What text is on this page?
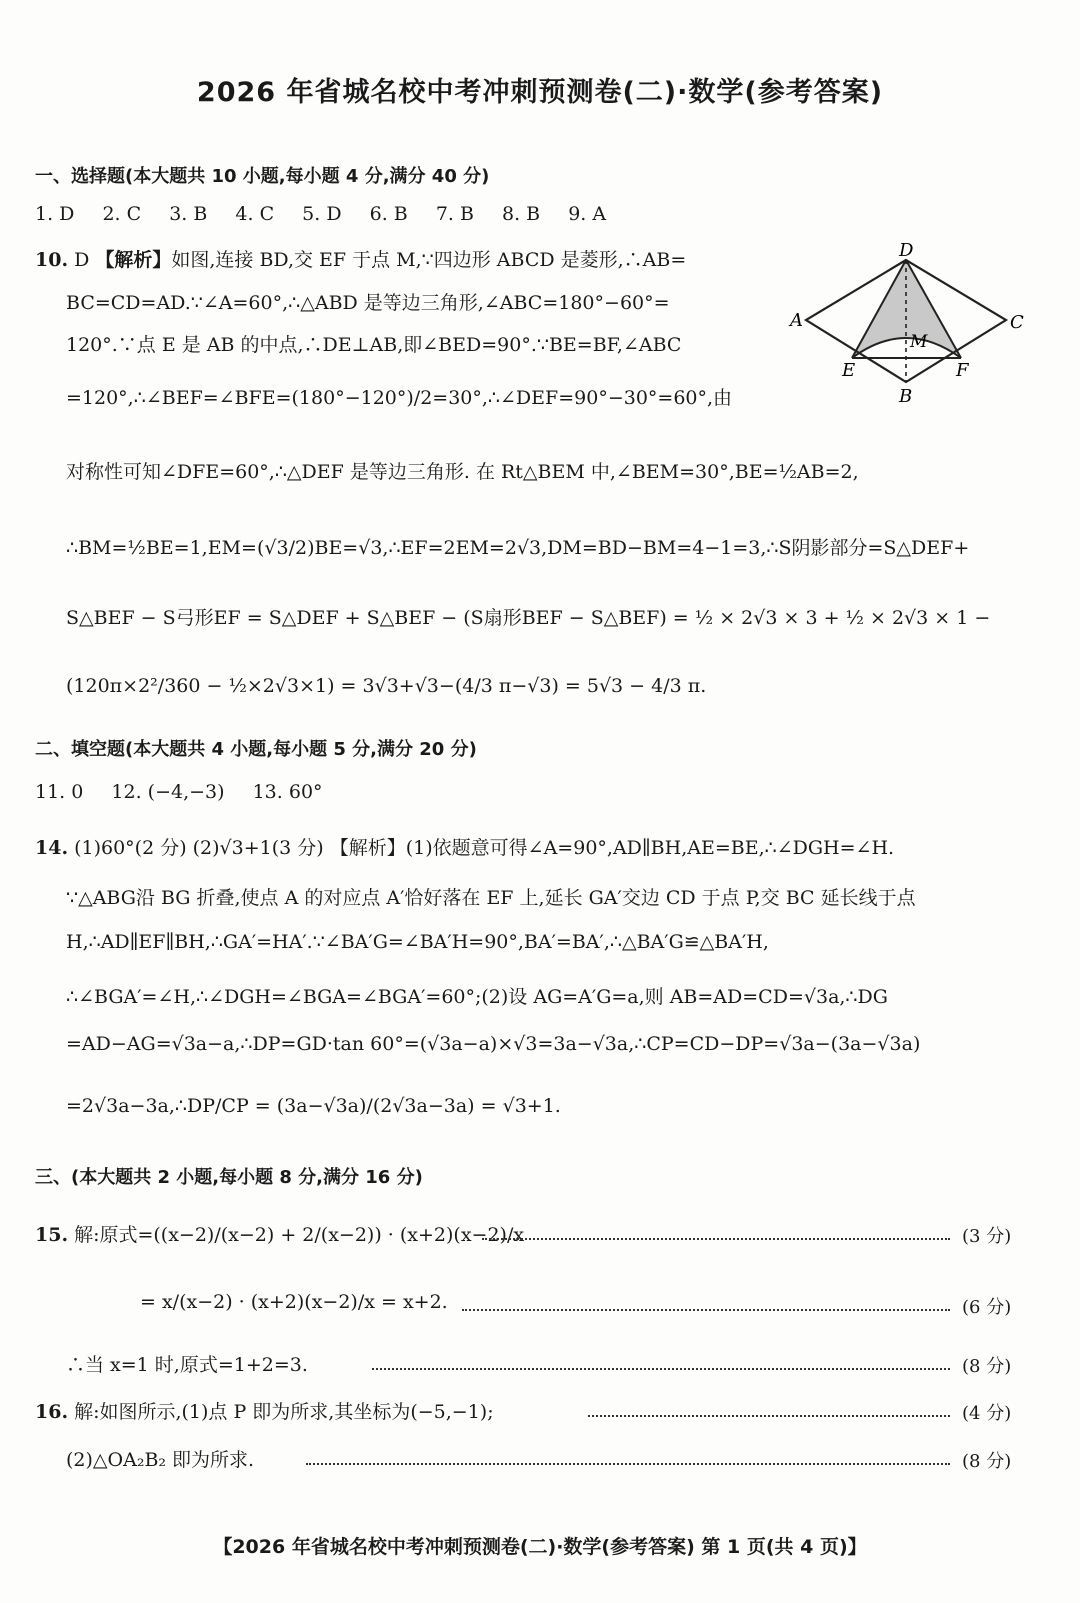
2026 年省城名校中考冲刺预测卷(二)·数学(参考答案)
一、选择题(本大题共 10 小题,每小题 4 分,满分 40 分)
1. D 2. C 3. B 4. C 5. D 6. B 7. B 8. B 9. A
10. D 【解析】如图,连接 BD,交 EF 于点 M,∵四边形 ABCD 是菱形,∴AB=
BC=CD=AD.∵∠A=60°,∴△ABD 是等边三角形,∠ABC=180°−60°=
120°.∵点 E 是 AB 的中点,∴DE⊥AB,即∠BED=90°.∵BE=BF,∠ABC
=120°,∴∠BEF=∠BFE=(180°−120°)/2=30°,∴∠DEF=90°−30°=60°,由
对称性可知∠DFE=60°,∴△DEF 是等边三角形. 在 Rt△BEM 中,∠BEM=30°,BE=½AB=2,
∴BM=½BE=1,EM=(√3/2)BE=√3,∴EF=2EM=2√3,DM=BD−BM=4−1=3,∴S阴影部分=S△DEF+
S△BEF − S弓形EF = S△DEF + S△BEF − (S扇形BEF − S△BEF) = ½ × 2√3 × 3 + ½ × 2√3 × 1 −
(120π×2²/360 − ½×2√3×1) = 3√3+√3−(4/3 π−√3) = 5√3 − 4/3 π.
D
A	C
M
E	F
B
二、填空题(本大题共 4 小题,每小题 5 分,满分 20 分)
11. 0 12. (−4,−3) 13. 60°
14. (1)60°(2 分) (2)√3+1(3 分) 【解析】(1)依题意可得∠A=90°,AD∥BH,AE=BE,∴∠DGH=∠H.
∵△ABG沿 BG 折叠,使点 A 的对应点 A′恰好落在 EF 上,延长 GA′交边 CD 于点 P,交 BC 延长线于点
H,∴AD∥EF∥BH,∴GA′=HA′.∵∠BA′G=∠BA′H=90°,BA′=BA′,∴△BA′G≌△BA′H,
∴∠BGA′=∠H,∴∠DGH=∠BGA=∠BGA′=60°;(2)设 AG=A′G=a,则 AB=AD=CD=√3a,∴DG
=AD−AG=√3a−a,∴DP=GD·tan 60°=(√3a−a)×√3=3a−√3a,∴CP=CD−DP=√3a−(3a−√3a)
=2√3a−3a,∴DP/CP = (3a−√3a)/(2√3a−3a) = √3+1.
三、(本大题共 2 小题,每小题 8 分,满分 16 分)
15. 解:原式=((x−2)/(x−2) + 2/(x−2)) · (x+2)(x−2)/x	(3 分)
= x/(x−2) · (x+2)(x−2)/x = x+2.	(6 分)
∴当 x=1 时,原式=1+2=3.	(8 分)
16. 解:如图所示,(1)点 P 即为所求,其坐标为(−5,−1);	(4 分)
(2)△OA₂B₂ 即为所求.	(8 分)
【2026 年省城名校中考冲刺预测卷(二)·数学(参考答案) 第 1 页(共 4 页)】
